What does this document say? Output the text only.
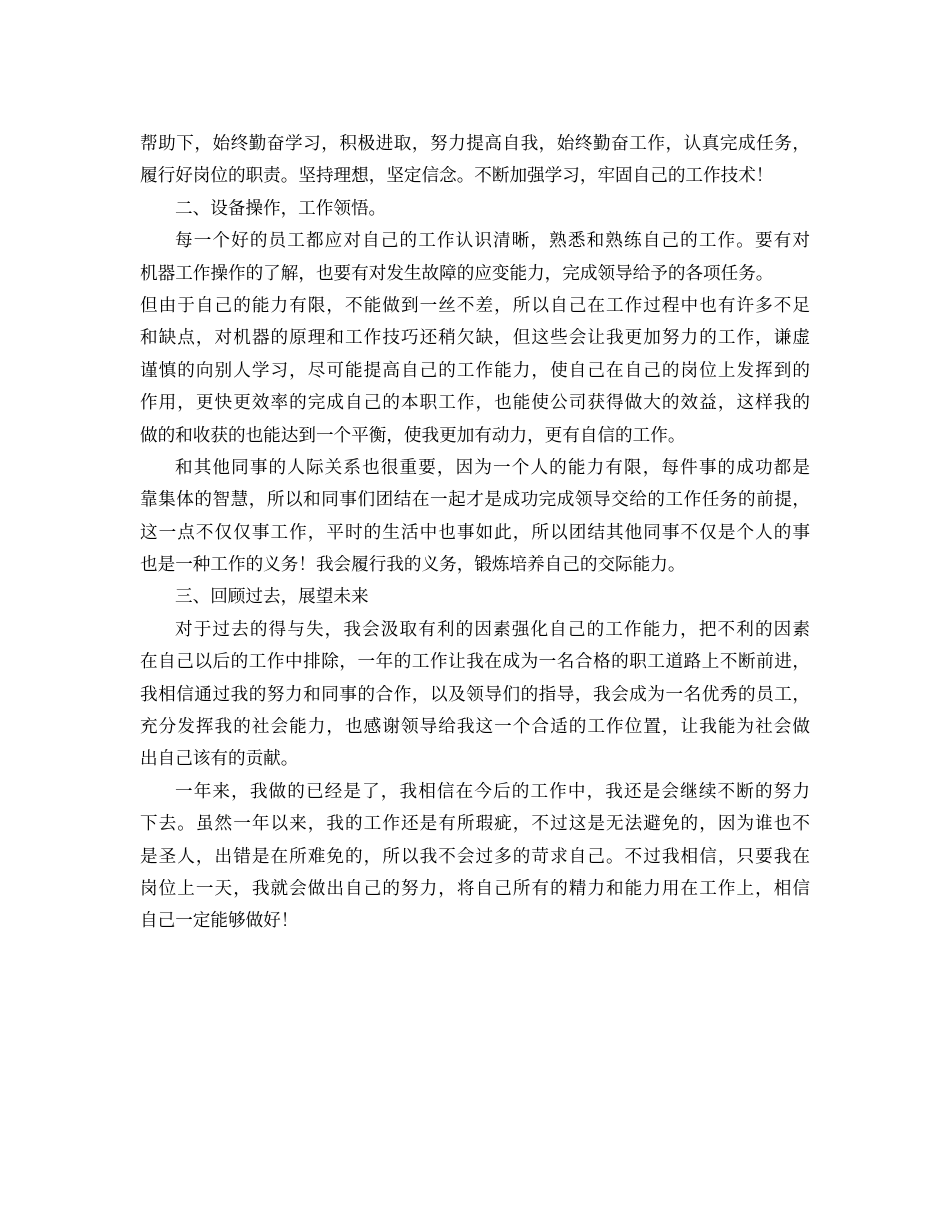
帮助下，始终勤奋学习，积极进取，努力提高自我，始终勤奋工作，认真完成任务，
履行好岗位的职责。坚持理想，坚定信念。不断加强学习，牢固自己的工作技术！
二、设备操作，工作领悟。
每一个好的员工都应对自己的工作认识清晰，熟悉和熟练自己的工作。要有对
机器工作操作的了解，也要有对发生故障的应变能力，完成领导给予的各项任务。
但由于自己的能力有限，不能做到一丝不差，所以自己在工作过程中也有许多不足
和缺点，对机器的原理和工作技巧还稍欠缺，但这些会让我更加努力的工作，谦虚
谨慎的向别人学习，尽可能提高自己的工作能力，使自己在自己的岗位上发挥到的
作用，更快更效率的完成自己的本职工作，也能使公司获得做大的效益，这样我的
做的和收获的也能达到一个平衡，使我更加有动力，更有自信的工作。
和其他同事的人际关系也很重要，因为一个人的能力有限，每件事的成功都是
靠集体的智慧，所以和同事们团结在一起才是成功完成领导交给的工作任务的前提，
这一点不仅仅事工作，平时的生活中也事如此，所以团结其他同事不仅是个人的事
也是一种工作的义务！我会履行我的义务，锻炼培养自己的交际能力。
三、回顾过去，展望未来
对于过去的得与失，我会汲取有利的因素强化自己的工作能力，把不利的因素
在自己以后的工作中排除，一年的工作让我在成为一名合格的职工道路上不断前进，
我相信通过我的努力和同事的合作，以及领导们的指导，我会成为一名优秀的员工，
充分发挥我的社会能力，也感谢领导给我这一个合适的工作位置，让我能为社会做
出自己该有的贡献。
一年来，我做的已经是了，我相信在今后的工作中，我还是会继续不断的努力
下去。虽然一年以来，我的工作还是有所瑕疵，不过这是无法避免的，因为谁也不
是圣人，出错是在所难免的，所以我不会过多的苛求自己。不过我相信，只要我在
岗位上一天，我就会做出自己的努力，将自己所有的精力和能力用在工作上，相信
自己一定能够做好！
